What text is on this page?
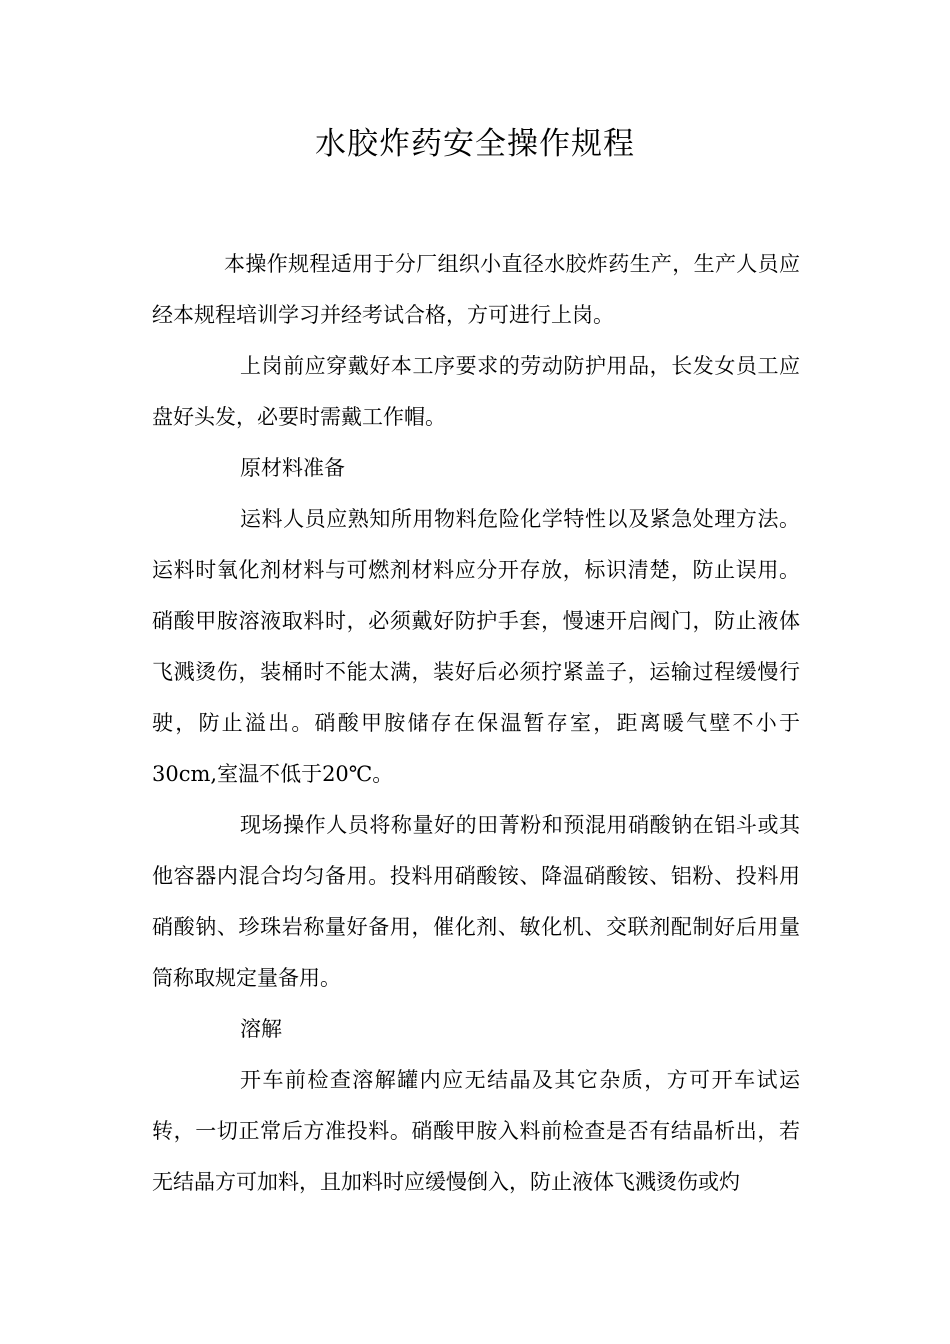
水胶炸药安全操作规程

本操作规程适用于分厂组织小直径水胶炸药生产，生产人员应经本规程培训学习并经考试合格，方可进行上岗。

上岗前应穿戴好本工序要求的劳动防护用品，长发女员工应盘好头发，必要时需戴工作帽。

原材料准备

运料人员应熟知所用物料危险化学特性以及紧急处理方法。运料时氧化剂材料与可燃剂材料应分开存放，标识清楚，防止误用。硝酸甲胺溶液取料时，必须戴好防护手套，慢速开启阀门，防止液体飞溅烫伤，装桶时不能太满，装好后必须拧紧盖子，运输过程缓慢行驶，防止溢出。硝酸甲胺储存在保温暂存室，距离暖气壁不小于30cm,室温不低于20℃。

现场操作人员将称量好的田菁粉和预混用硝酸钠在铝斗或其他容器内混合均匀备用。投料用硝酸铵、降温硝酸铵、铝粉、投料用硝酸钠、珍珠岩称量好备用，催化剂、敏化机、交联剂配制好后用量筒称取规定量备用。

溶解

开车前检查溶解罐内应无结晶及其它杂质，方可开车试运转，一切正常后方准投料。硝酸甲胺入料前检查是否有结晶析出，若无结晶方可加料，且加料时应缓慢倒入，防止液体飞溅烫伤或灼
